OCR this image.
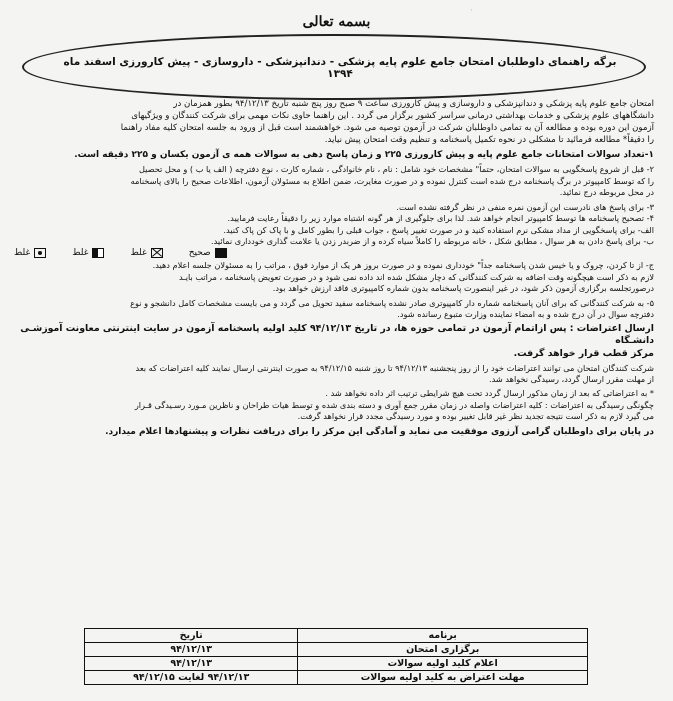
·
بسمه تعالی
برگه راهنمای داوطلبان امتحان جامع علوم پایه پزشکی - دندانپزشکی - داروسازی - پیش کارورزی اسفند ماه ۱۳۹۴

امتحان جامع علوم پایه پزشکی و دندانپزشکی و داروسازی و پیش کارورزی ساعت ۹ صبح روز پنج شنبه تاریخ ۹۴/۱۲/۱۳ بطور همزمان در

دانشگاههای علوم پزشکی و خدمات بهداشتی درمانی سراسر کشور برگزار می گردد . این راهنما حاوی نکات مهمی برای شرکت کنندگان و ویژگیهای

آزمون این دوره بوده و مطالعه آن به تمامی داوطلبان شرکت در آزمون توصیه می شود. خواهشمند است قبل از ورود به جلسه امتحان کلیه مفاد راهنما

را دقیقاً* مطالعه فرمائید تا مشکلی در نحوه تکمیل پاسخنامه و تنظیم وقت امتحان پیش نیاید.

۱-تعداد سوالات امتحانات جامع علوم پایه و پیش کارورزی ۲۲۵ و زمان پاسخ دهی به سوالات همه ی آزمون یکسان و ۲۲۵ دقیقه است.

۲- قبل از شروع پاسخگویی به سوالات امتحان، حتماً" مشخصات خود شامل : نام ، نام خانوادگی ، شماره کارت ، نوع دفترچه ( الف یا ب ) و محل تحصیل

را که توسط کامپیوتر در برگ پاسخنامه درج شده است کنترل نموده و در صورت مغایرت، ضمن اطلاع به مسئولان آزمون، اطلاعات صحیح را بالای پاسخنامه

در محل مربوطه درج نمائید.

۳- برای پاسخ های نادرست این آزمون نمره منفی در نظر گرفته نشده است.

۴- تصحیح پاسخنامه ها توسط کامپیوتر انجام خواهد شد. لذا برای جلوگیری از هر گونه اشتباه موارد زیر را دقیقاً رعایت فرمایید.

الف- برای پاسخگویی از مداد مشکی نرم استفاده کنید و در صورت تغییر پاسخ ، جواب قبلی را بطور کامل و با پاک کن پاک کنید.

ب- برای پاسخ دادن به هر سوال ، مطابق شکل ، خانه مربوطه را کاملاً سیاه کرده و از ضربدر زدن یا علامت گذاری خودداری نمائید.

صحیح
غلط
غلط
غلط

ج- از تا کردن، چروک و یا خیس شدن پاسخنامه جداً" خودداری نموده و در صورت بروز هر یک از موارد فوق ، مراتب را به مسئولان جلسه اعلام دهید.

لازم به ذکر است هیچگونه وقت اضافه به شرکت کنندگانی که دچار مشکل شده اند داده نمی شود و در صورت تعویض پاسخنامه ، مراتب بایـد

درصورتجلسه برگزاری آزمون ذکر شود، در غیر اینصورت پاسخنامه بدون شماره کامپیوتری فاقد ارزش خواهد بود.

۵- به شرکت کنندگانی که برای آنان پاسخنامه شماره دار کامپیوتری صادر نشده پاسخنامه سفید تحویل می گردد و می بایست مشخصات کامل دانشجو و نوع

دفترچه سوال در آن درج شده و به امضاء نماینده وزارت متبوع رسانده شود.

ارسال اعتراضات : پس ازاتمام آزمون در تمامی حوزه ها، در تاریخ ۹۴/۱۲/۱۳ کلید اولیه پاسخنامه آزمون در سایت اینترنتی معاونت آموزشـی دانشـگاه

مرکز قطب قرار خواهد گرفت.

شرکت کنندگان امتحان می توانند اعتراضات خود را از روز پنجشنبه ۹۴/۱۲/۱۳ تا روز شنبه ۹۴/۱۲/۱۵ به صورت اینترنتی ارسال نمایند کلیه اعتراضات که بعد

از مهلت مقرر ارسال گردد، رسیدگی نخواهد شد.

* به اعتراضاتی که بعد از زمان مذکور ارسال گردد تحت هیچ شرایطی ترتیب اثر داده نخواهد شد .

چگونگی رسیدگی به اعتراضات : کلیه اعتراضات واصله در زمان مقرر جمع آوری و دسته بندی شده و توسط هیات طراحان و ناظرین مـورد رسـیدگی قـرار

می گیرد لازم به ذکر است نتیجه تجدید نظر غیر قابل تغییر بوده و مورد رسیدگی مجدد قرار نخواهد گرفت.

در پایان برای داوطلبان گرامی آرزوی موفقیت می نماید و آمادگی این مرکز را برای دریافت نظرات و پیشنهادها اعلام میدارد.

برنامه	تاريخ
برگزاری امتحان	۹۴/۱۲/۱۳
اعلام کلید اولیه سوالات	۹۴/۱۲/۱۳
مهلت اعتراض به کلید اولیه سوالات	۹۴/۱۲/۱۳ لغایت ۹۴/۱۲/۱۵
